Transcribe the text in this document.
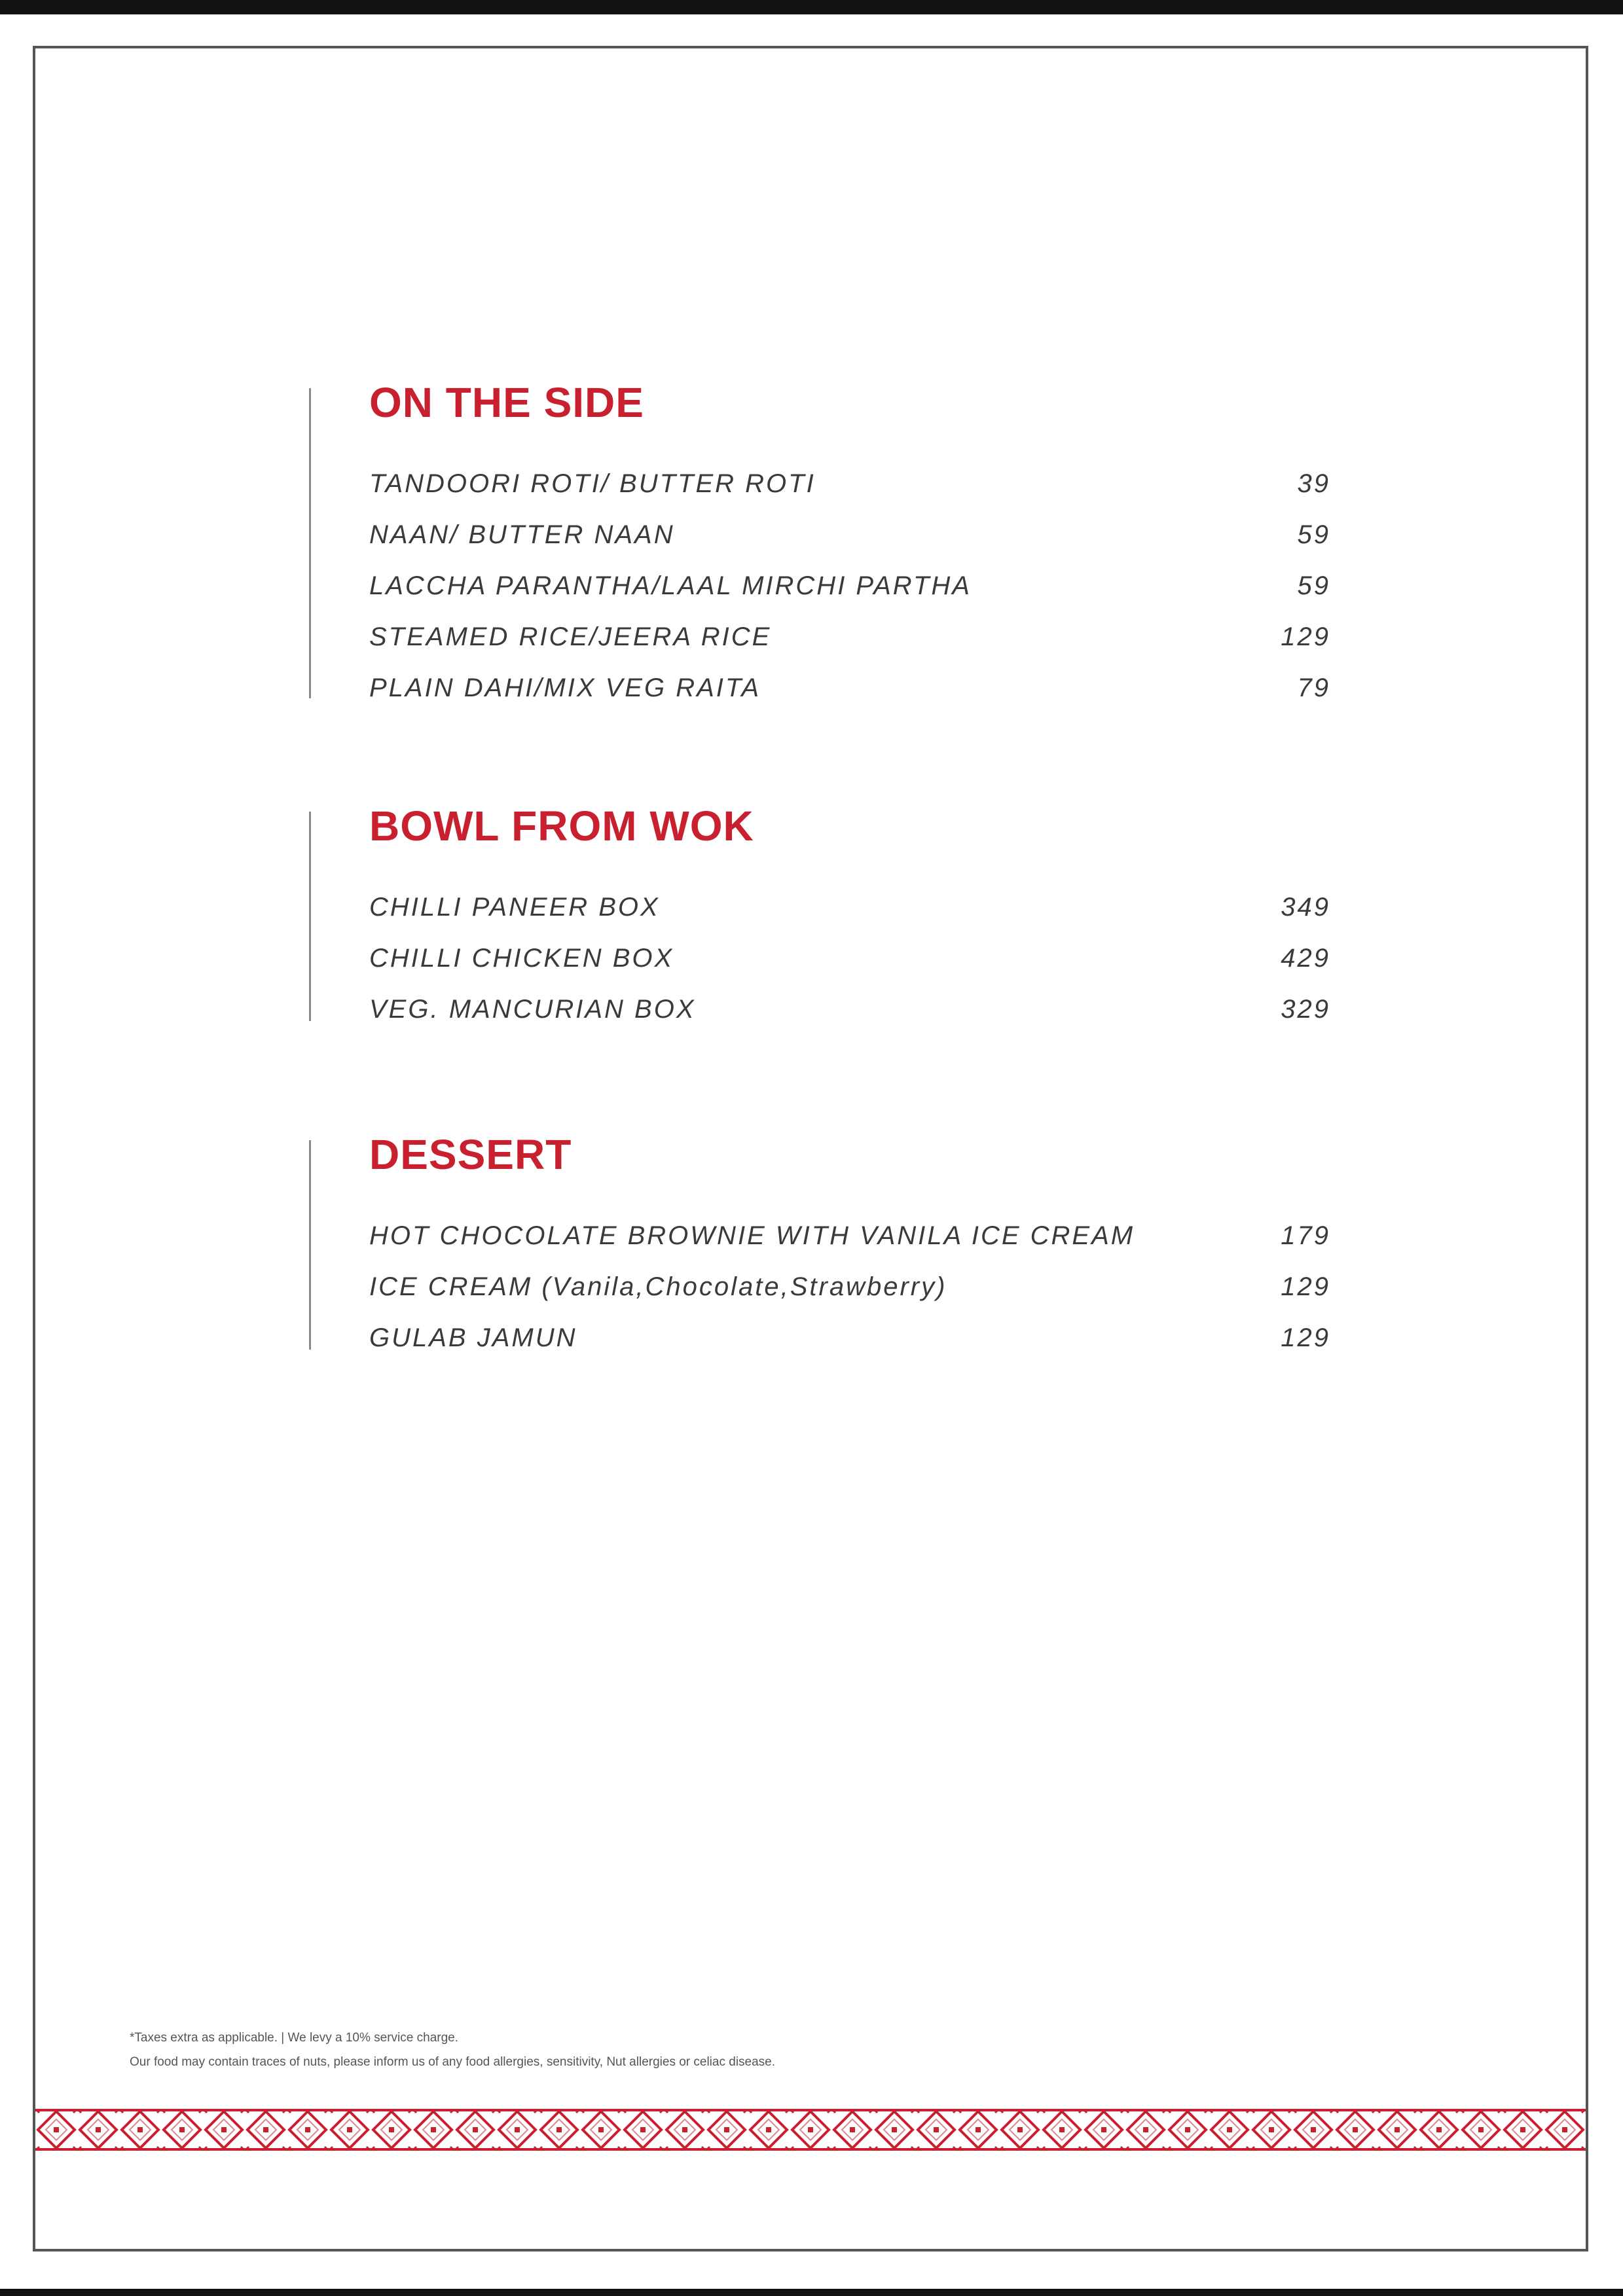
ON THE SIDE
TANDOORI ROTI/ BUTTER ROTI	39
NAAN/ BUTTER NAAN	59
LACCHA PARANTHA/LAAL MIRCHI PARTHA	59
STEAMED RICE/JEERA RICE	129
PLAIN DAHI/MIX VEG RAITA	79
BOWL FROM WOK
CHILLI PANEER BOX	349
CHILLI CHICKEN BOX	429
VEG. MANCURIAN BOX	329
DESSERT
HOT CHOCOLATE BROWNIE WITH VANILA ICE CREAM	179
ICE CREAM (Vanila,Chocolate,Strawberry)	129
GULAB JAMUN	129
*Taxes extra as applicable. | We levy a 10% service charge.
Our food may contain traces of nuts, please inform us of any food allergies, sensitivity, Nut allergies or celiac disease.
